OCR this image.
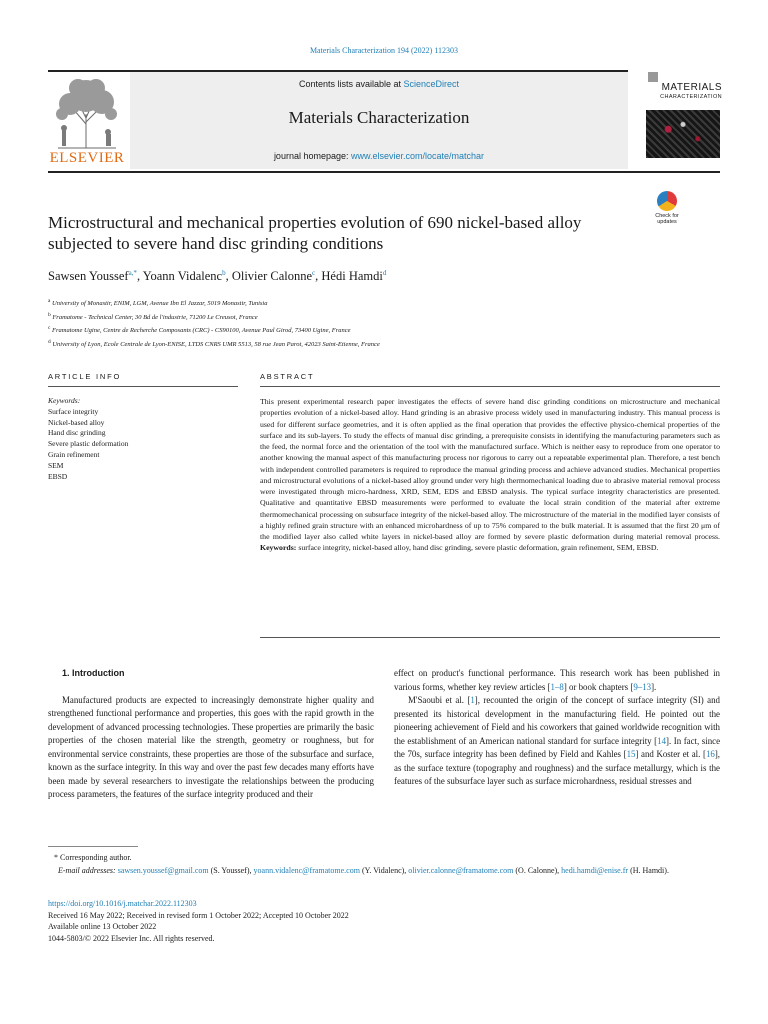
Materials Characterization 194 (2022) 112303
Contents lists available at ScienceDirect
Materials Characterization
journal homepage: www.elsevier.com/locate/matchar
ELSEVIER
MATERIALS
CHARACTERIZATION
Check for
updates
Microstructural and mechanical properties evolution of 690 nickel-based alloy subjected to severe hand disc grinding conditions
Sawsen Youssef$^{a,*}$, Yoann Vidalenc$^b$, Olivier Calonne$^c$, Hédi Hamdi$^d$
$^a$ University of Monastir, ENIM, LGM, Avenue Ibn El Jazzar, 5019 Monastir, Tunisia
$^b$ Framatome - Technical Center, 30 Bd de l'industrie, 71200 Le Creusot, France
$^c$ Framatome Ugine, Centre de Recherche Composants (CRC) - CS90100, Avenue Paul Girod, 73400 Ugine, France
$^d$ University of Lyon, Ecole Centrale de Lyon-ENISE, LTDS CNRS UMR 5513, 58 rue Jean Parot, 42023 Saint-Etienne, France
ARTICLE INFO	ABSTRACT
Keywords:
Surface integrity
Nickel-based alloy
Hand disc grinding
Severe plastic deformation
Grain refinement
SEM
EBSD
This present experimental research paper investigates the effects of severe hand disc grinding conditions on microstructure and mechanical properties evolution of a nickel-based alloy. Hand grinding is an abrasive process widely used in manufacturing industry. This manual process is used for different surface geometries, and it is often applied as the final operation that provides the effective physico-chemical properties of the surface and its sub-layers. To study the effects of manual disc grinding, a prerequisite consists in identifying the manufacturing parameters such as the feed, the normal force and the orientation of the tool with the manufactured surface. Which is neither easy to reproduce from one operator to another knowing the manual aspect of this manufacturing process nor rigorous to carry out a repeatable experimental plan. Therefore, a test bench with independent controlled parameters is required to reproduce the manual grinding process and achieve advanced studies. Mechanical properties and microstructural evolutions of a nickel-based alloy ground under very high thermomechanical loading due to abrasive material removal process were investigated through micro-hardness, XRD, SEM, EDS and EBSD analysis. The typical surface integrity characteristics are presented. Qualitative and quantitative EBSD measurements were performed to evaluate the local strain condition of the material after extreme thermomechanical processing on subsurface integrity of the nickel-based alloy. The microstructure of the material in the modified layer consists of a highly refined grain structure with an enhanced microhardness of up to 75% compared to the bulk material. It is assumed that the first 20 μm of the modified layer also called white layers in nickel-based alloy are formed by severe plastic deformation during material removal process. Keywords: surface integrity, nickel-based alloy, hand disc grinding, severe plastic deformation, grain refinement, SEM, EBSD.
1. Introduction

Manufactured products are expected to increasingly demonstrate higher quality and strengthened functional performance and properties, this goes with the rapid growth in the development of advanced processing technologies. These properties are primarily the basic properties of the chosen material like the strength, geometry or roughness, but for environmental service constraints, these properties are those of the subsurface and surface, known as the surface integrity. In this way and over the past few decades many efforts have been made by several researchers to investigate the relationships between the producing process parameters, the features of the surface integrity produced and their

effect on product's functional performance. This research work has been published in various forms, whether key review articles [1–8] or book chapters [9–13].

M'Saoubi et al. [1], recounted the origin of the concept of surface integrity (SI) and presented its historical development in the manufacturing field. He pointed out the pioneering achievement of Field and his coworkers that gained worldwide recognition with the establishment of an American national standard for surface integrity [14]. In fact, since the 70s, surface integrity has been defined by Field and Kahles [15] and Koster et al. [16], as the surface texture (topography and roughness) and the surface metallurgy, which is the features of the subsurface layer such as surface microhardness, residual stresses and

* Corresponding author.
E-mail addresses: sawsen.youssef@gmail.com (S. Youssef), yoann.vidalenc@framatome.com (Y. Vidalenc), olivier.calonne@framatome.com (O. Calonne), hedi.hamdi@enise.fr (H. Hamdi).
https://doi.org/10.1016/j.matchar.2022.112303
Received 16 May 2022; Received in revised form 1 October 2022; Accepted 10 October 2022
Available online 13 October 2022
1044-5803/© 2022 Elsevier Inc. All rights reserved.
